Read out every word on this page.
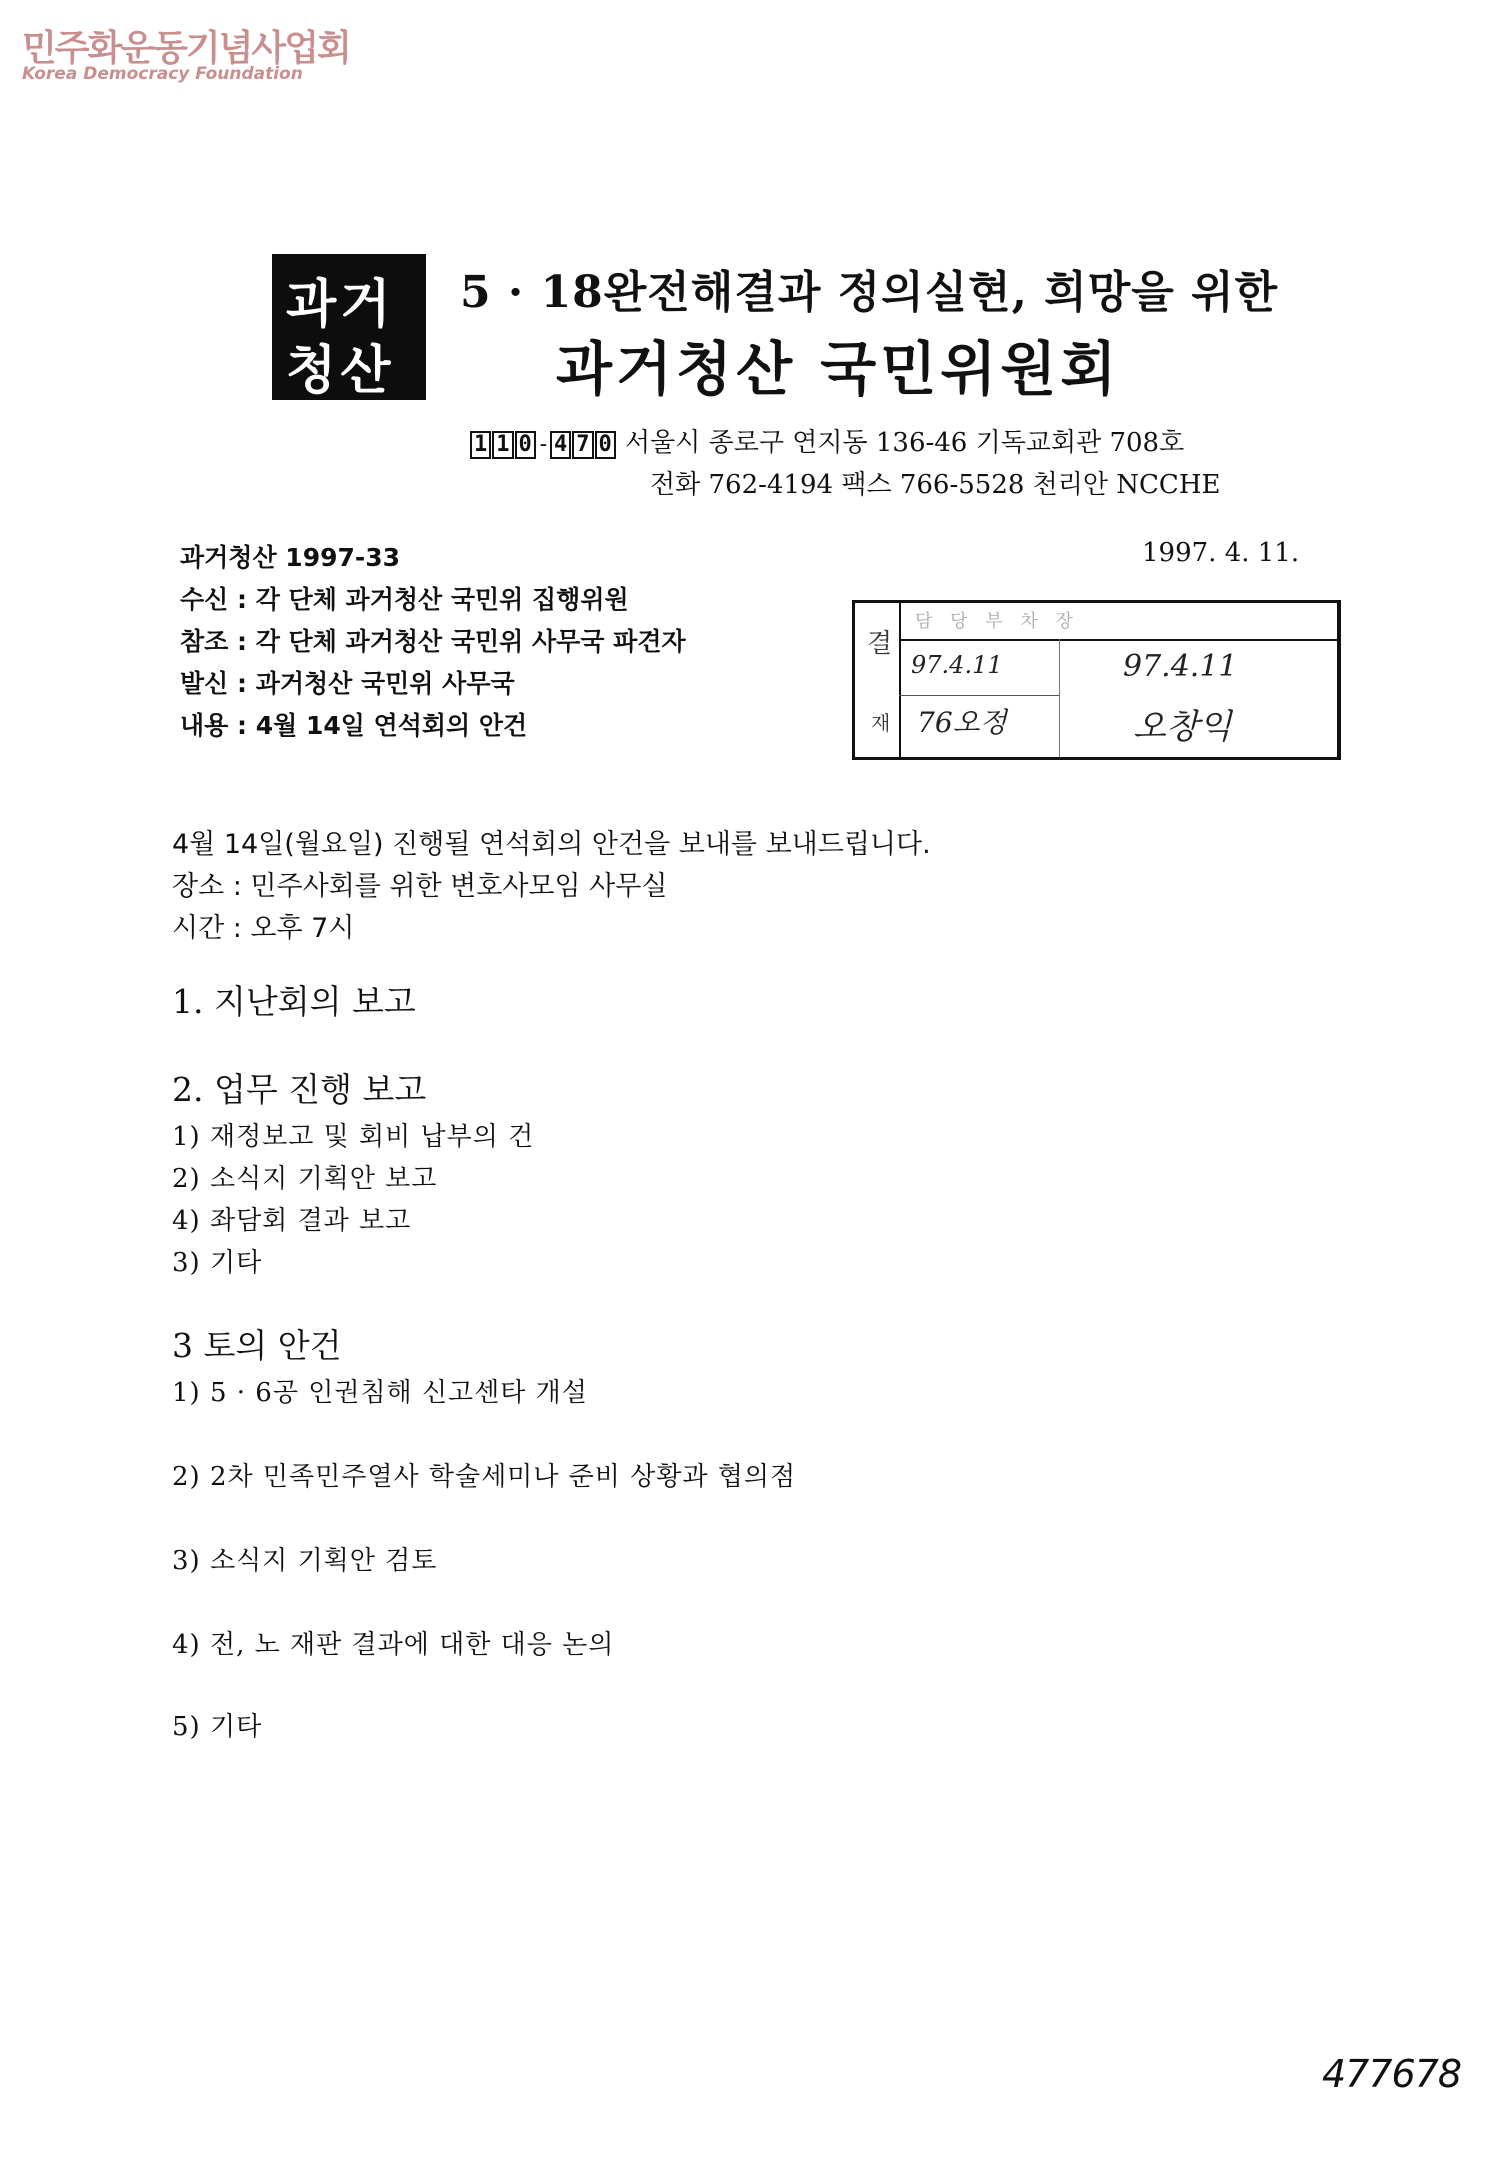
민주화운동기념사업회
Korea Democracy Foundation
과거
청산
5 · 18완전해결과 정의실현, 희망을 위한
과거청산 국민위원회
1 1 0 - 4 7 0 서울시 종로구 연지동 136-46 기독교회관 708호
전화 762-4194 팩스 766-5528 천리안 NCCHE
과거청산 1997-33	1997. 4. 11.
수신 : 각 단체 과거청산 국민위 집행위원
참조 : 각 단체 과거청산 국민위 사무국 파견자
발신 : 과거청산 국민위 사무국
내용 : 4월 14일 연석회의 안건
결
재
담 당 부 차 장
97.4.11	97.4.11
76오정	오창익
4월 14일(월요일) 진행될 연석회의 안건을 보내를 보내드립니다.
장소 : 민주사회를 위한 변호사모임 사무실
시간 : 오후 7시
1. 지난회의 보고
2. 업무 진행 보고
1) 재정보고 및 회비 납부의 건
2) 소식지 기획안 보고
4) 좌담회 결과 보고
3) 기타
3 토의 안건
1) 5 · 6공 인권침해 신고센타 개설
2) 2차 민족민주열사 학술세미나 준비 상황과 협의점
3) 소식지 기획안 검토
4) 전, 노 재판 결과에 대한 대응 논의
5) 기타
477678
